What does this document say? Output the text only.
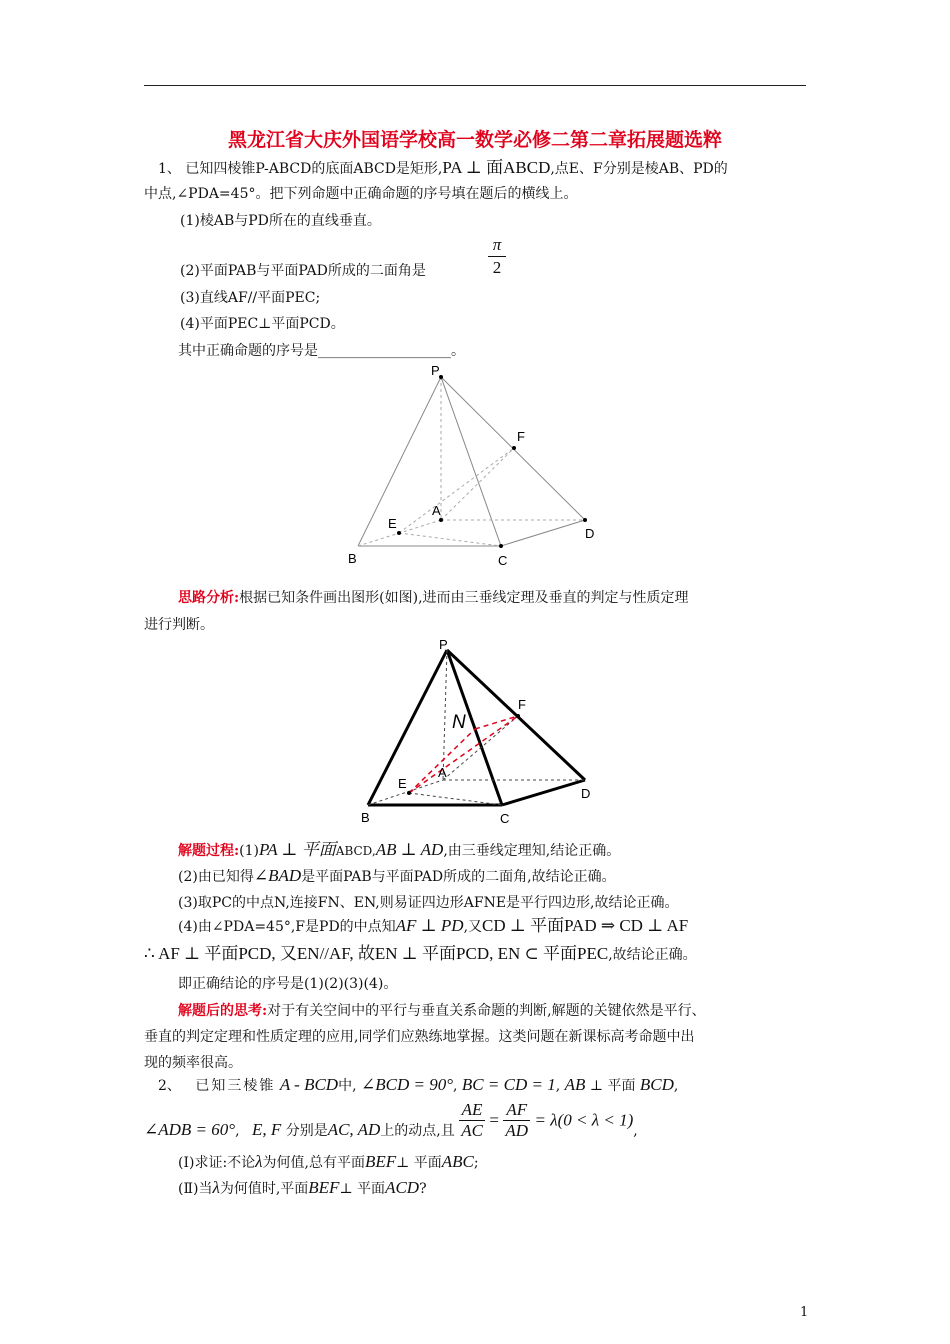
黑龙江省大庆外国语学校高一数学必修二第二章拓展题选粹
1、 已知四棱锥P-ABCD的底面ABCD是矩形,PA ⊥ 面ABCD,点E、F分别是棱AB、PD的
中点,∠PDA=45°。把下列命题中正确命题的序号填在题后的横线上。
(1)棱AB与PD所在的直线垂直。
(2)平面PAB与平面PAD所成的二面角是	$\frac{\pi}{2}$
(3)直线AF//平面PEC;
(4)平面PEC⊥平面PCD。
其中正确命题的序号是___________________。
P
F
A
E
D
B	C
思路分析:根据已知条件画出图形(如图),进而由三垂线定理及垂直的判定与性质定理
进行判断。
P
F
N
A
E
D
B	C
解题过程:(1)PA ⊥ 平面ABCD,AB ⊥ AD,由三垂线定理知,结论正确。
(2)由已知得∠BAD是平面PAB与平面PAD所成的二面角,故结论正确。
(3)取PC的中点N,连接FN、EN,则易证四边形AFNE是平行四边形,故结论正确。
(4)由∠PDA=45°,F是PD的中点知AF ⊥ PD,又CD ⊥ 平面PAD ⇒ CD ⊥ AF
∴ AF ⊥ 平面PCD, 又EN//AF, 故EN ⊥ 平面PCD, EN ⊂ 平面PEC,故结论正确。
即正确结论的序号是(1)(2)(3)(4)。
解题后的思考:对于有关空间中的平行与垂直关系命题的判断,解题的关键依然是平行、
垂直的判定定理和性质定理的应用,同学们应熟练地掌握。这类问题在新课标高考命题中出
现的频率很高。
2、 已知三棱锥 A - BCD中, ∠BCD = 90°, BC = CD = 1, AB ⊥ 平面 BCD,
∠ADB = 60°, E, F 分别是AC, AD上的动点,且 $\frac{AE}{AC} = \frac{AF}{AD} = \lambda(0 < \lambda < 1)$,
(Ⅰ)求证:不论λ为何值,总有平面BEF⊥ 平面ABC;
(Ⅱ)当λ为何值时,平面BEF⊥ 平面ACD?
1
